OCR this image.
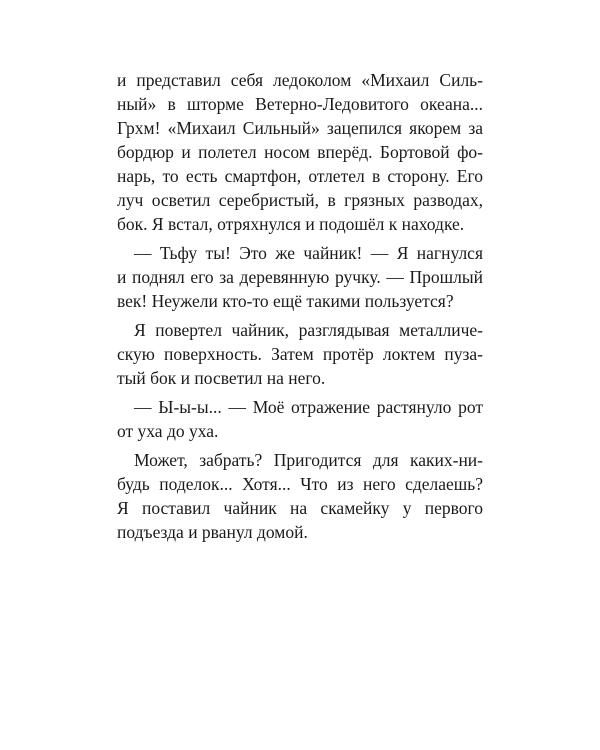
и представил себя ледоколом «Михаил Силь-
ный» в шторме Ветерно-Ледовитого океана...
Грхм! «Михаил Сильный» зацепился якорем за
бордюр и полетел носом вперёд. Бортовой фо-
нарь, то есть смартфон, отлетел в сторону. Его
луч осветил серебристый, в грязных разводах,
бок. Я встал, отряхнулся и подошёл к находке.
— Тьфу ты! Это же чайник! — Я нагнулся
и поднял его за деревянную ручку. — Прошлый
век! Неужели кто-то ещё такими пользуется?
Я повертел чайник, разглядывая металличе-
скую поверхность. Затем протёр локтем пуза-
тый бок и посветил на него.
— Ы-ы-ы... — Моё отражение растянуло рот
от уха до уха.
Может, забрать? Пригодится для каких-ни-
будь поделок... Хотя... Что из него сделаешь?
Я поставил чайник на скамейку у первого
подъезда и рванул домой.
